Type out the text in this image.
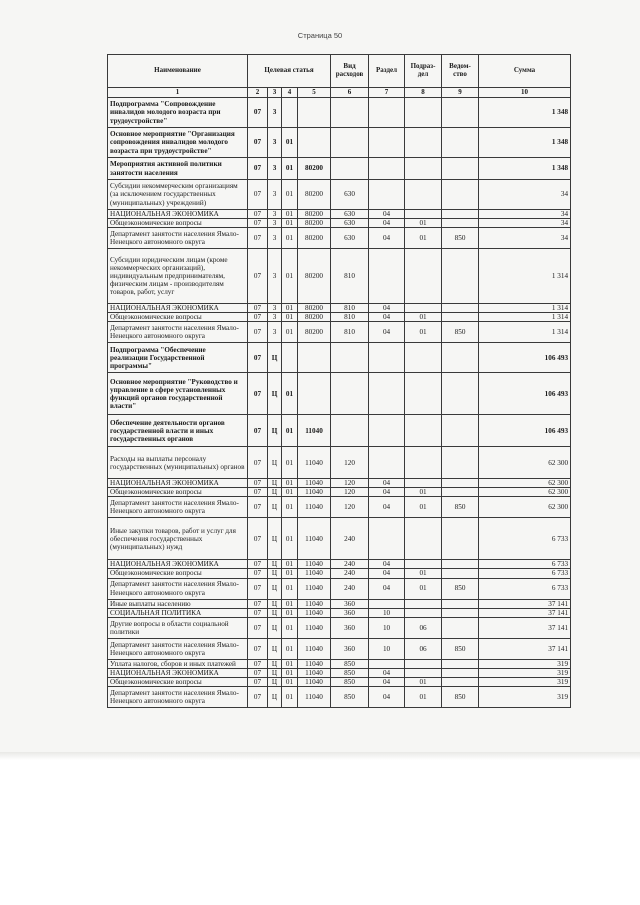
Страница 50
Наименование	Целевая статья				Вид расходов	Раздел	Подраз-дел	Ведом-ство	Сумма
1	2	3	4	5	6	7	8	9	10
Подпрограмма "Сопровождение инвалидов молодого возраста при трудоустройстве"	07	3							1 348
Основное мероприятие "Организация сопровождения инвалидов молодого возраста при трудоустройстве"	07	3	01						1 348
Мероприятия активной политики занятости населения	07	3	01	80200					1 348
Субсидии некоммерческим организациям (за исключением государственных (муниципальных) учреждений)	07	3	01	80200	630				34
НАЦИОНАЛЬНАЯ ЭКОНОМИКА	07	3	01	80200	630	04			34
Общеэкономические вопросы	07	3	01	80200	630	04	01		34
Департамент занятости населения Ямало-Ненецкого автономного округа	07	3	01	80200	630	04	01	850	34
Субсидии юридическим лицам (кроме некоммерческих организаций), индивидуальным предпринимателям, физическим лицам - производителям товаров, работ, услуг	07	3	01	80200	810				1 314
НАЦИОНАЛЬНАЯ ЭКОНОМИКА	07	3	01	80200	810	04			1 314
Общеэкономические вопросы	07	3	01	80200	810	04	01		1 314
Департамент занятости населения Ямало-Ненецкого автономного округа	07	3	01	80200	810	04	01	850	1 314
Подпрограмма "Обеспечение реализации Государственной программы"	07	Ц							106 493
Основное мероприятие "Руководство и управление в сфере установленных функций органов государственной власти"	07	Ц	01						106 493
Обеспечение деятельности органов государственной власти и иных государственных органов	07	Ц	01	11040					106 493
Расходы на выплаты персоналу государственных (муниципальных) органов	07	Ц	01	11040	120				62 300
НАЦИОНАЛЬНАЯ ЭКОНОМИКА	07	Ц	01	11040	120	04			62 300
Общеэкономические вопросы	07	Ц	01	11040	120	04	01		62 300
Департамент занятости населения Ямало-Ненецкого автономного округа	07	Ц	01	11040	120	04	01	850	62 300
Иные закупки товаров, работ и услуг для обеспечения государственных (муниципальных) нужд	07	Ц	01	11040	240				6 733
НАЦИОНАЛЬНАЯ ЭКОНОМИКА	07	Ц	01	11040	240	04			6 733
Общеэкономические вопросы	07	Ц	01	11040	240	04	01		6 733
Департамент занятости населения Ямало-Ненецкого автономного округа	07	Ц	01	11040	240	04	01	850	6 733
Иные выплаты населению	07	Ц	01	11040	360				37 141
СОЦИАЛЬНАЯ ПОЛИТИКА	07	Ц	01	11040	360	10			37 141
Другие вопросы в области социальной политики	07	Ц	01	11040	360	10	06		37 141
Департамент занятости населения Ямало-Ненецкого автономного округа	07	Ц	01	11040	360	10	06	850	37 141
Уплата налогов, сборов и иных платежей	07	Ц	01	11040	850				319
НАЦИОНАЛЬНАЯ ЭКОНОМИКА	07	Ц	01	11040	850	04			319
Общеэкономические вопросы	07	Ц	01	11040	850	04	01		319
Департамент занятости населения Ямало-Ненецкого автономного округа	07	Ц	01	11040	850	04	01	850	319
